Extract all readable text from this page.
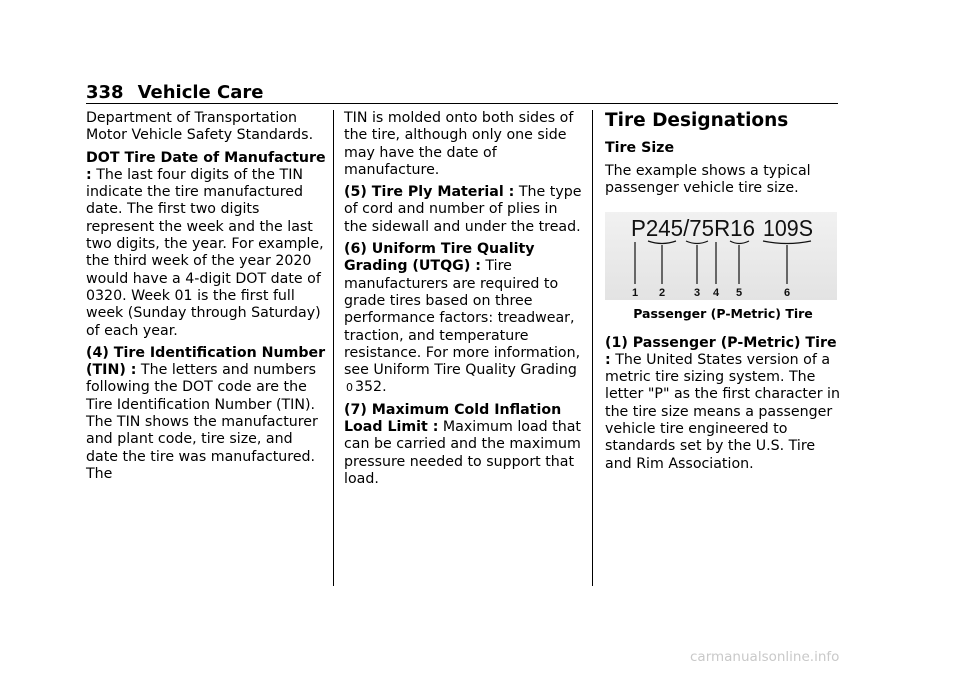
338 Vehicle Care

Department of Transportation Motor Vehicle Safety Standards.

DOT Tire Date of Manufacture : The last four digits of the TIN indicate the tire manufactured date. The first two digits represent the week and the last two digits, the year. For example, the third week of the year 2020 would have a 4-digit DOT date of 0320. Week 01 is the first full week (Sunday through Saturday) of each year.

(4) Tire Identification Number (TIN) : The letters and numbers following the DOT code are the Tire Identification Number (TIN). The TIN shows the manufacturer and plant code, tire size, and date the tire was manufactured. The

TIN is molded onto both sides of the tire, although only one side may have the date of manufacture.

(5) Tire Ply Material : The type of cord and number of plies in the sidewall and under the tread.

(6) Uniform Tire Quality Grading (UTQG) : Tire manufacturers are required to grade tires based on three performance factors: treadwear, traction, and temperature resistance. For more information, see Uniform Tire Quality Grading 0 352.

(7) Maximum Cold Inflation Load Limit : Maximum load that can be carried and the maximum pressure needed to support that load.

Tire Designations
Tire Size

The example shows a typical passenger vehicle tire size.

P245/75R16 109S
1 2	3 4 5	6
Passenger (P-Metric) Tire

(1) Passenger (P-Metric) Tire : The United States version of a metric tire sizing system. The letter "P" as the first character in the tire size means a passenger vehicle tire engineered to standards set by the U.S. Tire and Rim Association.

carmanualsonline.info
